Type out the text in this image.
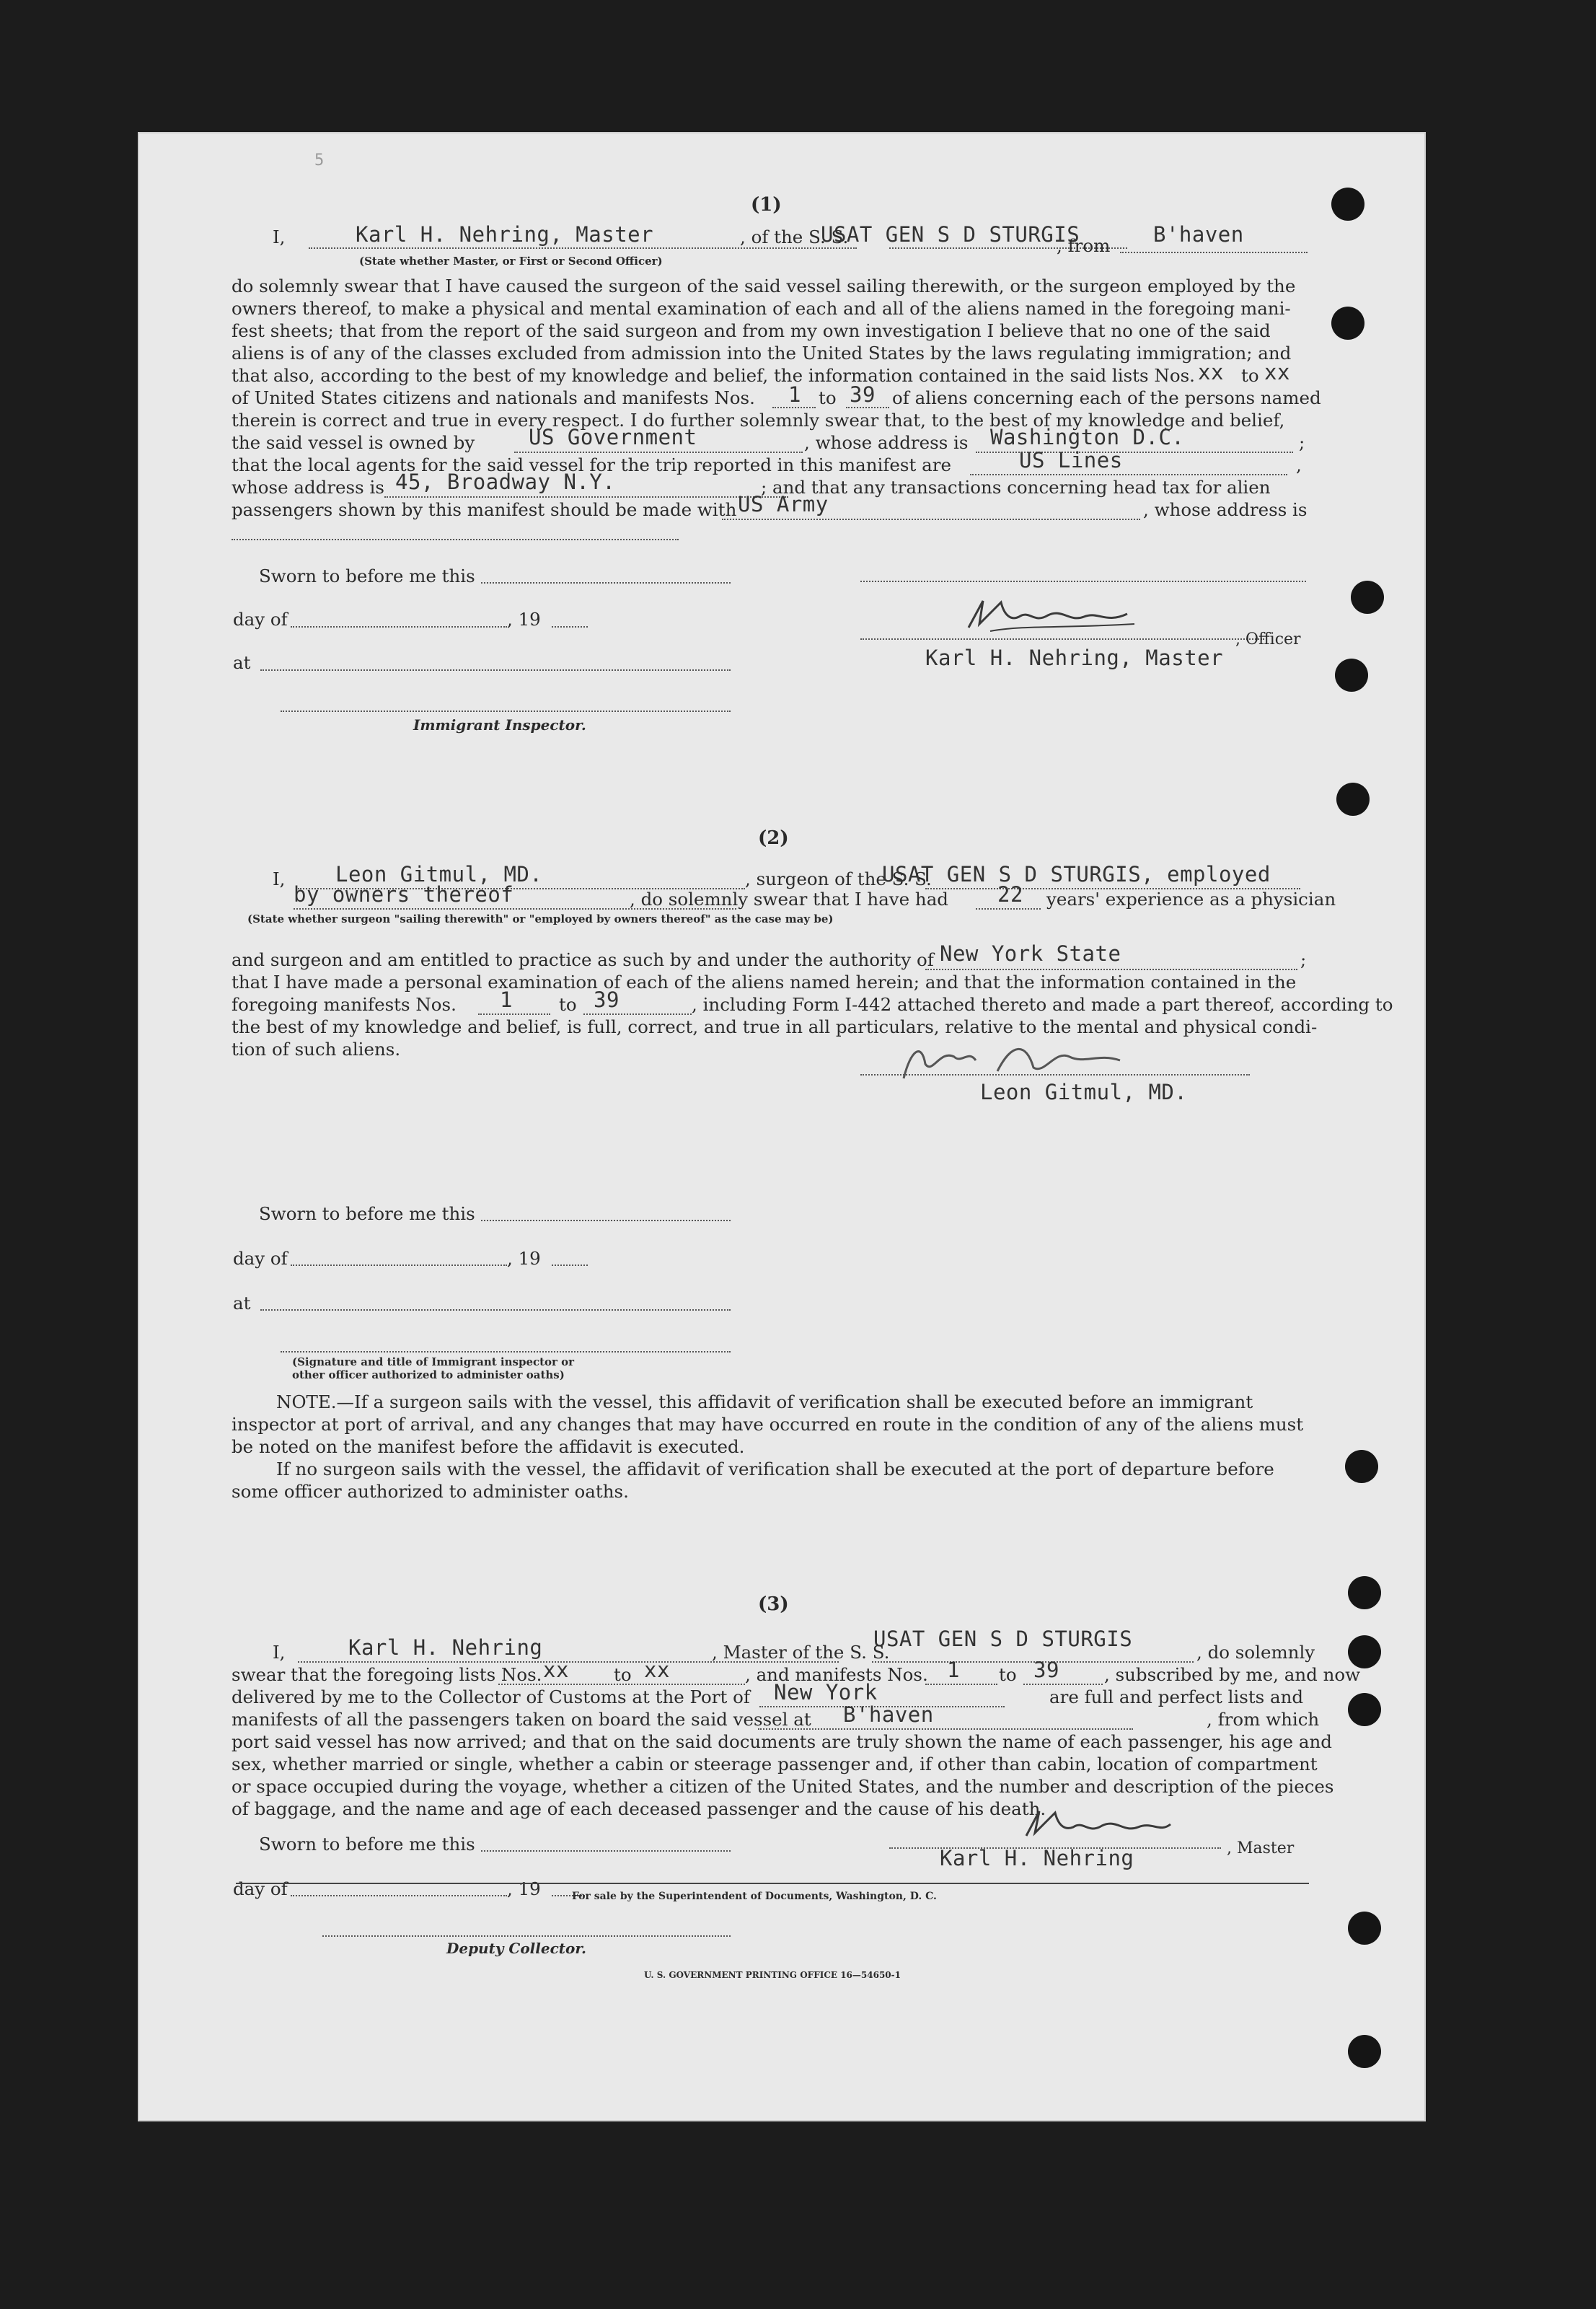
5
(1)
I,	Karl H. Nehring, Master	, of the S. S.
USAT GEN S D STURGIS
, from B'haven
(State whether Master, or First or Second Officer)

do solemnly swear that I have caused the surgeon of the said vessel sailing therewith, or the surgeon employed by the

owners thereof, to make a physical and mental examination of each and all of the aliens named in the foregoing mani-

fest sheets; that from the report of the said surgeon and from my own investigation I believe that no one of the said

aliens is of any of the classes excluded from admission into the United States by the laws regulating immigration; and

that also, according to the best of my knowledge and belief, the information contained in the said lists Nos. xx to xx
of United States citizens and nationals and manifests Nos. 1 to 39 of aliens concerning each of the persons named
therein is correct and true in every respect. I do further solemnly swear that, to the best of my knowledge and belief,
the said vessel is owned by	US Government	, whose address is Washington D.C.	;
that the local agents for the said vessel for the trip reported in this manifest are	US Lines	,
whose address is 45, Broadway N.Y.	; and that any transactions concerning head tax for alien
passengers shown by this manifest should be made with US Army	, whose address is
Sworn to before me this
day of	, 19
, Officer
Karl H. Nehring, Master
at
Immigrant Inspector.
(2)
I, Leon Gitmul, MD.	, surgeon of the S. S.
USAT GEN S D STURGIS, employed
by owners thereof	, do solemnly swear that I have had 22 years' experience as a physician
(State whether surgeon "sailing therewith" or "employed by owners thereof" as the case may be)
and surgeon and am entitled to practice as such by and under the authority of New York State	;
that I have made a personal examination of each of the aliens named herein; and that the information contained in the
foregoing manifests Nos. 1	to 39	, including Form I-442 attached thereto and made a part thereof, according to
the best of my knowledge and belief, is full, correct, and true in all particulars, relative to the mental and physical condi-
tion of such aliens.
Sworn to before me this
Leon Gitmul, MD.
day of	, 19
at
(Signature and title of Immigrant inspector or
other officer authorized to administer oaths)
NOTE.—If a surgeon sails with the vessel, this affidavit of verification shall be executed before an immigrant
inspector at port of arrival, and any changes that may have occurred en route in the condition of any of the aliens must
be noted on the manifest before the affidavit is executed.
If no surgeon sails with the vessel, the affidavit of verification shall be executed at the port of departure before
some officer authorized to administer oaths.
(3)
I,	Karl H. Nehring	, Master of the S. S.
USAT GEN S D STURGIS
, do solemnly
swear that the foregoing lists Nos. xx	to xx	, and manifests Nos. 1 to 39	, subscribed by me, and now
delivered by me to the Collector of Customs at the Port of New York	are full and perfect lists and
manifests of all the passengers taken on board the said vessel at B'haven	, from which
port said vessel has now arrived; and that on the said documents are truly shown the name of each passenger, his age and
sex, whether married or single, whether a cabin or steerage passenger and, if other than cabin, location of compartment
or space occupied during the voyage, whether a citizen of the United States, and the number and description of the pieces
of baggage, and the name and age of each deceased passenger and the cause of his death.
Sworn to before me this	, Master
Karl H. Nehring
day of	, 19
Deputy Collector.
U. S. GOVERNMENT PRINTING OFFICE 16—54650-1
For sale by the Superintendent of Documents, Washington, D. C.
